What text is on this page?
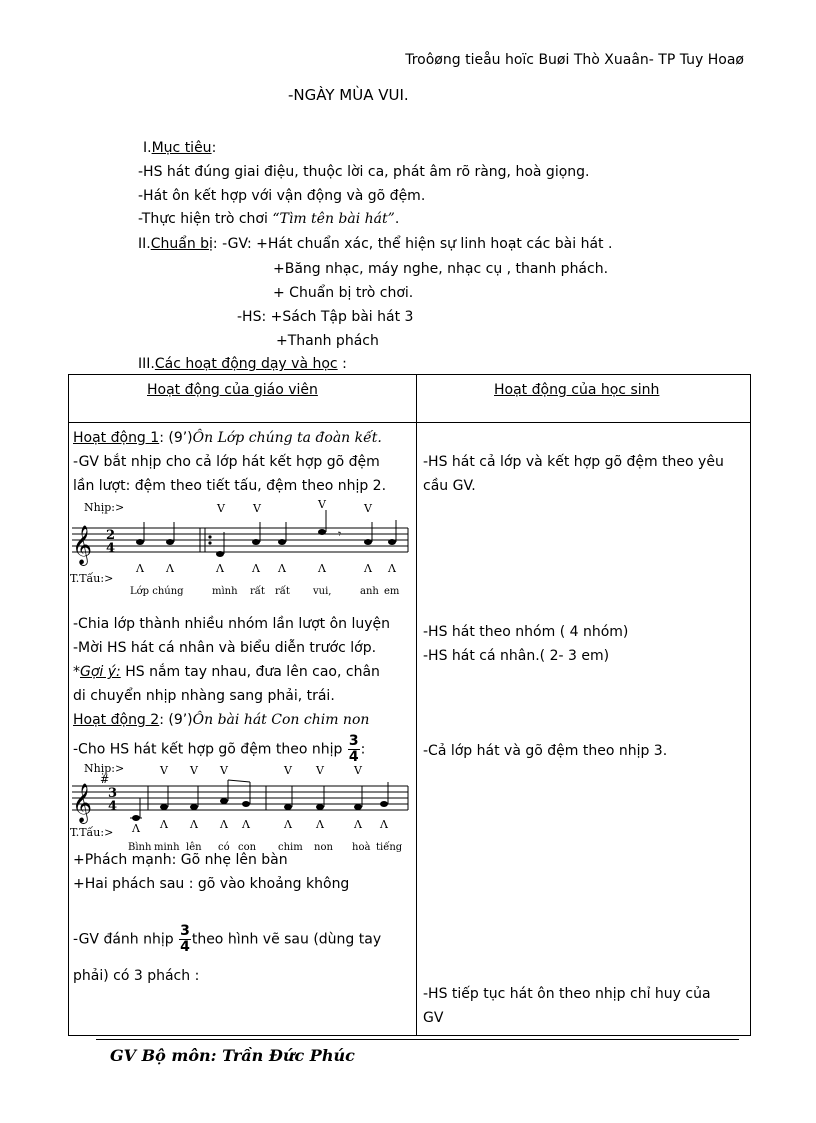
Troôøng tieåu hoïc Buøi Thò Xuaân- TP Tuy Hoaø
-NGÀY MÙA VUI.
I.Mục tiêu:
-HS hát đúng giai điệu, thuộc lời ca, phát âm rõ ràng, hoà giọng.
-Hát ôn kết hợp với vận động và gõ đệm.
-Thực hiện trò chơi “Tìm tên bài hát”.
II.Chuẩn bị: -GV: +Hát chuẩn xác, thể hiện sự linh hoạt các bài hát .
+Băng nhạc, máy nghe, nhạc cụ , thanh phách.
+ Chuẩn bị trò chơi.
-HS: +Sách Tập bài hát 3
+Thanh phách
III.Các hoạt động dạy và học :
Hoạt động của giáo viên	Hoạt động của học sinh
Hoạt động 1: (9’)Ôn Lớp chúng ta đoàn kết.
-GV bắt nhịp cho cả lớp hát kết hợp gõ đệm
lần lượt: đệm theo tiết tấu, đệm theo nhịp 2.
Nhịp:>
𝄞 2
4
𝄾
V	V	V	V
T.Tấu:>
Λ Λ	Λ	Λ Λ	Λ	Λ Λ
Lớp chúng	mình rất rất vui,	anh em
-Chia lớp thành nhiều nhóm lần lượt ôn luyện
-Mời HS hát cá nhân và biểu diễn trước lớp.
*Gợi ý: HS nắm tay nhau, đưa lên cao, chân
di chuyển nhịp nhàng sang phải, trái.
Hoạt động 2: (9’)Ôn bài hát Con chim non
-Cho HS hát kết hợp gõ đệm theo nhịp $\frac{3}{4}$ :
Nhịp:>
𝄞
#
3
4
V V V	V V	V
T.Tấu:> Λ Λ Λ Λ Λ	Λ Λ	Λ Λ
Bình minh lên có con chim non hoà tiếng
+Phách mạnh: Gõ nhẹ lên bàn
+Hai phách sau : gõ vào khoảng không
-GV đánh nhịp $\frac{3}{4}$ theo hình vẽ sau (dùng tay
phải) có 3 phách :
-HS hát cả lớp và kết hợp gõ đệm theo yêu
cầu GV.
-HS hát theo nhóm ( 4 nhóm)
-HS hát cá nhân.( 2- 3 em)
-Cả lớp hát và gõ đệm theo nhịp 3.
-HS tiếp tục hát ôn theo nhịp chỉ huy của
GV
GV Bộ môn: Trần Đức Phúc
